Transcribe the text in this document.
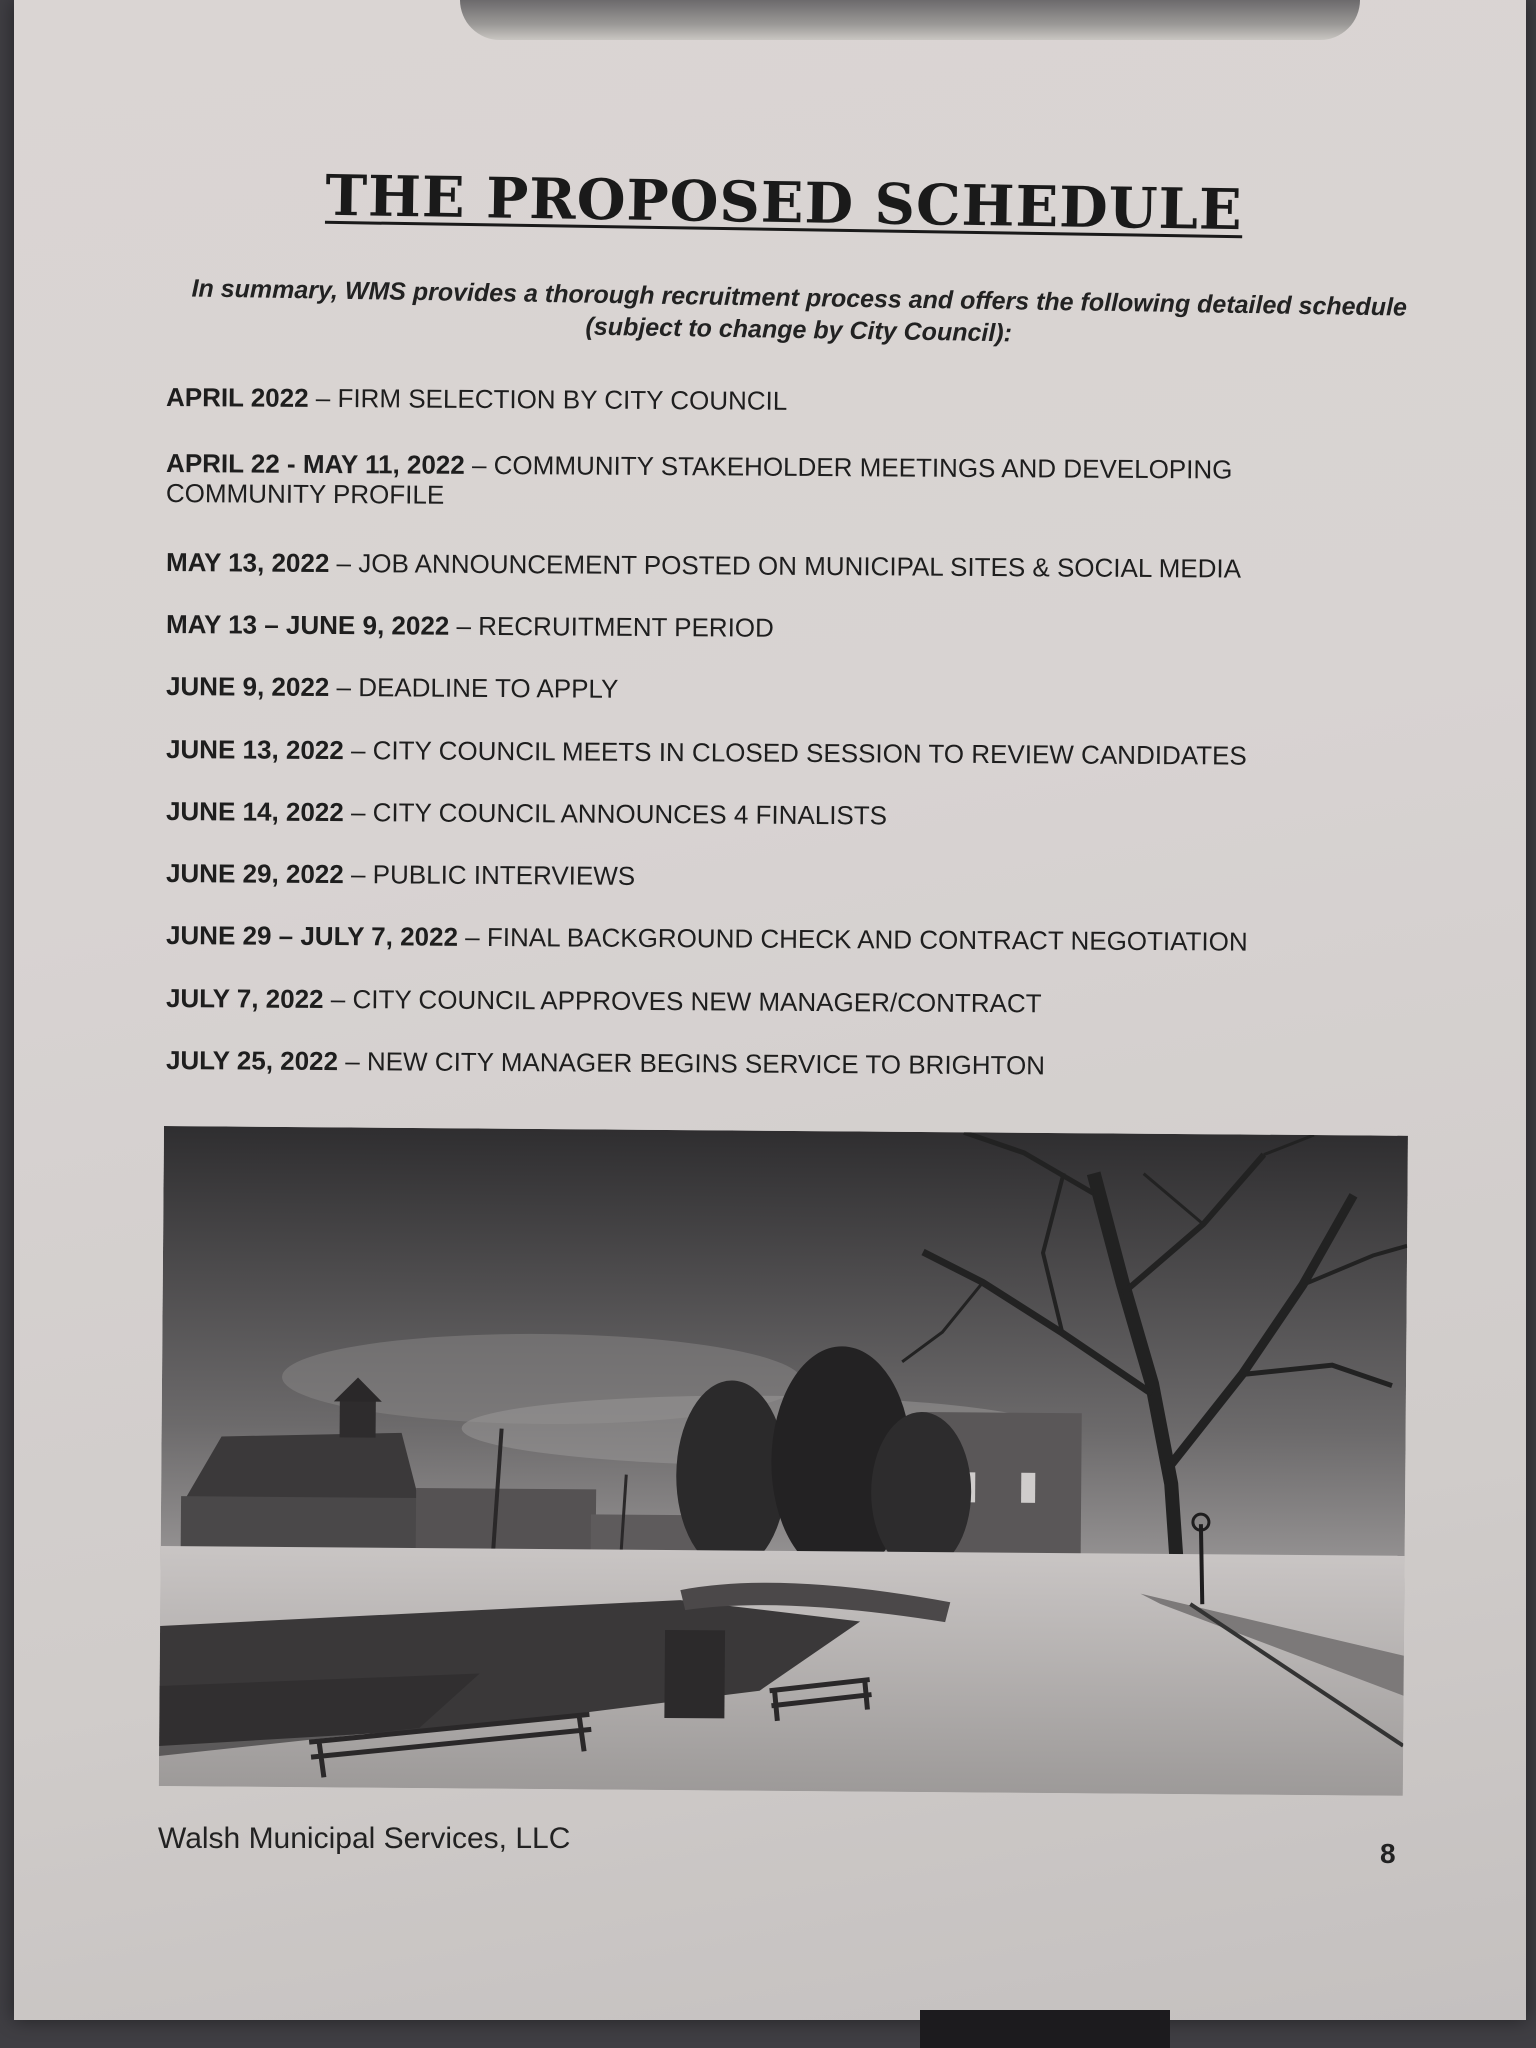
THE PROPOSED SCHEDULE

In summary, WMS provides a thorough recruitment process and offers the following detailed schedule (subject to change by City Council):

APRIL 2022 – FIRM SELECTION BY CITY COUNCIL
APRIL 22 - MAY 11, 2022 – COMMUNITY STAKEHOLDER MEETINGS AND DEVELOPING COMMUNITY PROFILE
MAY 13, 2022 – JOB ANNOUNCEMENT POSTED ON MUNICIPAL SITES & SOCIAL MEDIA
MAY 13 – JUNE 9, 2022 – RECRUITMENT PERIOD
JUNE 9, 2022 – DEADLINE TO APPLY
JUNE 13, 2022 – CITY COUNCIL MEETS IN CLOSED SESSION TO REVIEW CANDIDATES
JUNE 14, 2022 – CITY COUNCIL ANNOUNCES 4 FINALISTS
JUNE 29, 2022 – PUBLIC INTERVIEWS
JUNE 29 – JULY 7, 2022 – FINAL BACKGROUND CHECK AND CONTRACT NEGOTIATION
JULY 7, 2022 – CITY COUNCIL APPROVES NEW MANAGER/CONTRACT
JULY 25, 2022 – NEW CITY MANAGER BEGINS SERVICE TO BRIGHTON

Walsh Municipal Services, LLC	8
